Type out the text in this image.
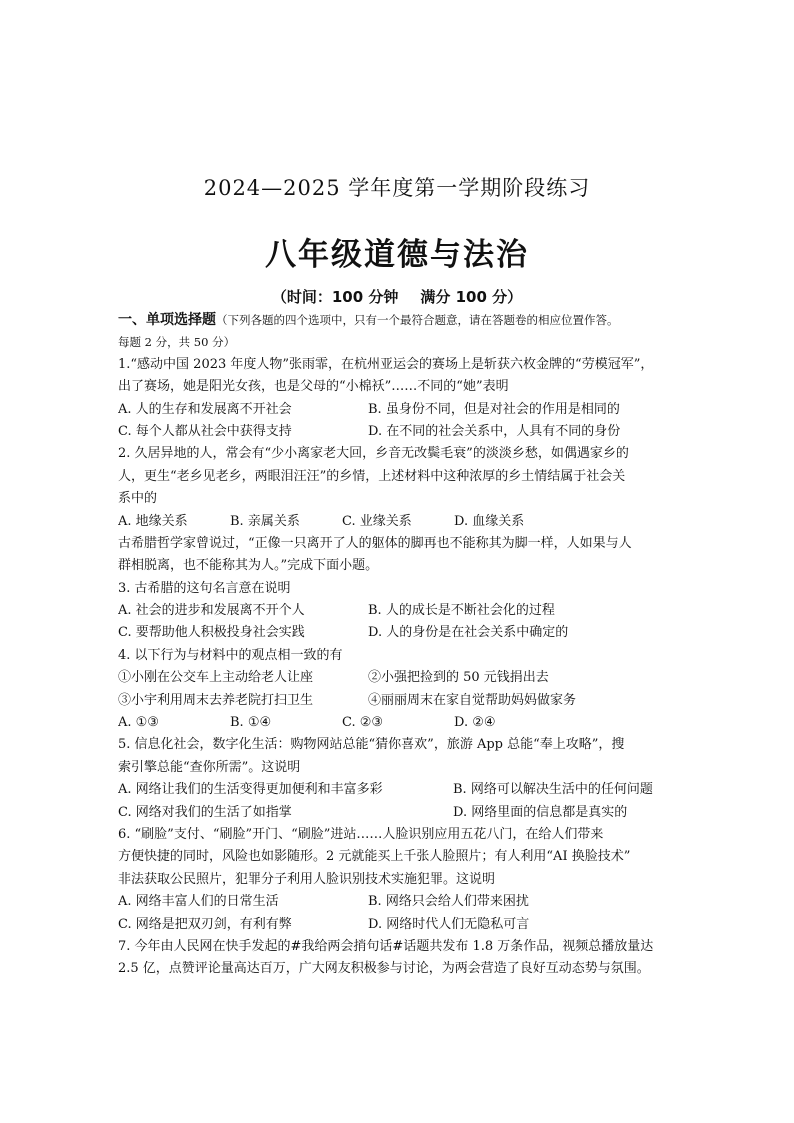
2024—2025 学年度第一学期阶段练习
八年级道德与法治
（时间：100 分钟 满分 100 分）
一、单项选择题（下列各题的四个选项中，只有一个最符合题意，请在答题卷的相应位置作答。
每题 2 分，共 50 分）
1.“感动中国 2023 年度人物”张雨霏，在杭州亚运会的赛场上是斩获六枚金牌的“劳模冠军”，
出了赛场，她是阳光女孩，也是父母的“小棉袄”……不同的“她”表明
A. 人的生存和发展离不开社会	B. 虽身份不同，但是对社会的作用是相同的
C. 每个人都从社会中获得支持	D. 在不同的社会关系中，人具有不同的身份
2. 久居异地的人，常会有“少小离家老大回，乡音无改鬓毛衰”的淡淡乡愁，如偶遇家乡的
人，更生“老乡见老乡，两眼泪汪汪”的乡情，上述材料中这种浓厚的乡土情结属于社会关
系中的
A. 地缘关系	B. 亲属关系	C. 业缘关系	D. 血缘关系
古希腊哲学家曾说过，“正像一只离开了人的躯体的脚再也不能称其为脚一样，人如果与人
群相脱离，也不能称其为人。”完成下面小题。
3. 古希腊的这句名言意在说明
A. 社会的进步和发展离不开个人	B. 人的成长是不断社会化的过程
C. 要帮助他人积极投身社会实践	D. 人的身份是在社会关系中确定的
4. 以下行为与材料中的观点相一致的有
①小刚在公交车上主动给老人让座	②小强把捡到的 50 元钱捐出去
③小宇利用周末去养老院打扫卫生	④丽丽周末在家自觉帮助妈妈做家务
A. ①③	B. ①④	C. ②③	D. ②④
5. 信息化社会，数字化生活：购物网站总能“猜你喜欢”，旅游 App 总能“奉上攻略”，搜
索引擎总能“查你所需”。这说明
A. 网络让我们的生活变得更加便利和丰富多彩	B. 网络可以解决生活中的任何问题
C. 网络对我们的生活了如指掌	D. 网络里面的信息都是真实的
6. “刷脸”支付、“刷脸”开门、“刷脸”进站……人脸识别应用五花八门，在给人们带来
方便快捷的同时，风险也如影随形。2 元就能买上千张人脸照片；有人利用“AI 换脸技术”
非法获取公民照片，犯罪分子利用人脸识别技术实施犯罪。这说明
A. 网络丰富人们的日常生活	B. 网络只会给人们带来困扰
C. 网络是把双刃剑，有利有弊	D. 网络时代人们无隐私可言
7. 今年由人民网在快手发起的#我给两会捎句话#话题共发布 1.8 万条作品，视频总播放量达
2.5 亿，点赞评论量高达百万，广大网友积极参与讨论，为两会营造了良好互动态势与氛围。
